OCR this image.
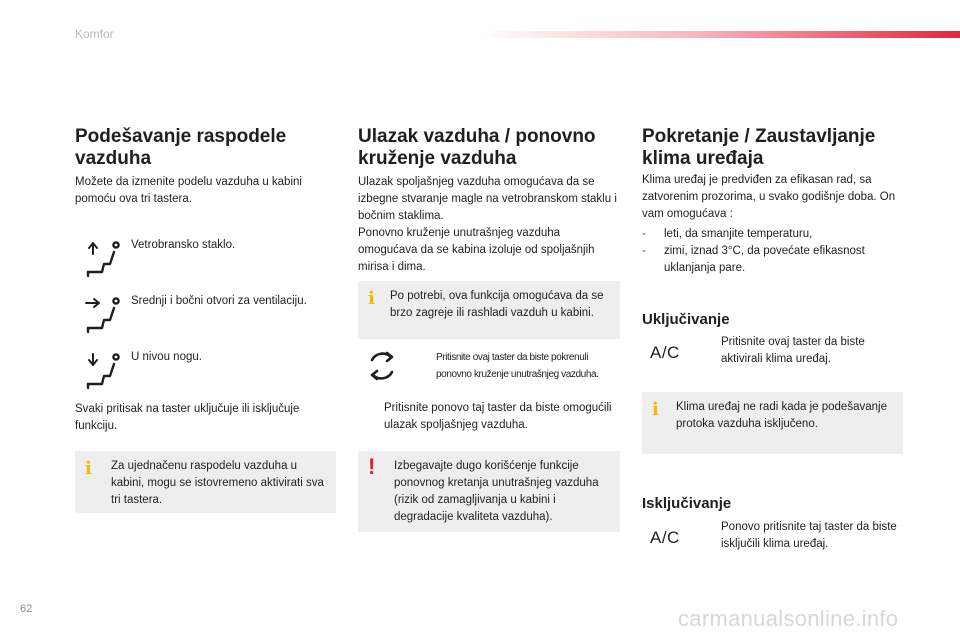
Komfor
Podešavanje raspodele vazduha

Možete da izmenite podelu vazduha u kabini pomoću ova tri tastera.

Vetrobransko staklo.
Srednji i bočni otvori za ventilaciju.
U nivou nogu.

Svaki pritisak na taster uključuje ili isključuje funkciju.

i Za ujednačenu raspodelu vazduha u kabini, mogu se istovremeno aktivirati sva tri tastera.
Ulazak vazduha / ponovno kruženje vazduha

Ulazak spoljašnjeg vazduha omogućava da se izbegne stvaranje magle na vetrobranskom staklu i bočnim staklima.
Ponovno kruženje unutrašnjeg vazduha omogućava da se kabina izoluje od spoljašnjih mirisa i dima.

i Po potrebi, ova funkcija omogućava da se brzo zagreje ili rashladi vazduh u kabini.
Pritisnite ovaj taster da biste pokrenuli ponovno kruženje unutrašnjeg vazduha.
Pritisnite ponovo taj taster da biste omogućili ulazak spoljašnjeg vazduha.
! Izbegavajte dugo korišćenje funkcije ponovnog kretanja unutrašnjeg vazduha (rizik od zamagljivanja u kabini i degradacije kvaliteta vazduha).
Pokretanje / Zaustavljanje klima uređaja

Klima uređaj je predviđen za efikasan rad, sa zatvorenim prozorima, u svako godišnje doba. On vam omogućava :

- leti, da smanjite temperaturu,
- zimi, iznad 3°C, da povećate efikasnost uklanjanja pare.
Uključivanje
A/C
Pritisnite ovaj taster da biste aktivirali klima uređaj.
i Klima uređaj ne radi kada je podešavanje protoka vazduha isključeno.
Isključivanje
A/C
Ponovo pritisnite taj taster da biste isključili klima uređaj.
62	carmanualsonline.info
